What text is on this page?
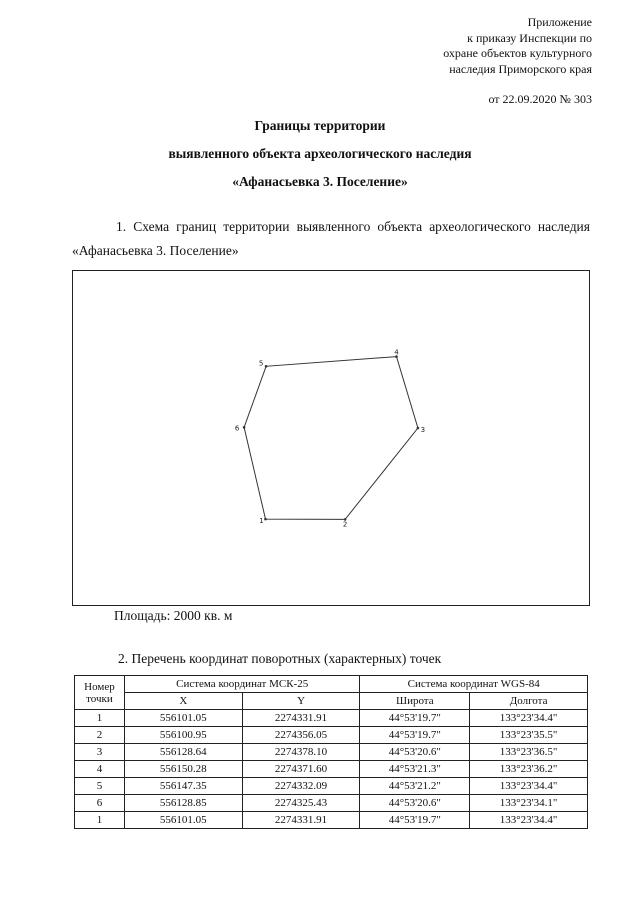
Приложение
к приказу Инспекции по
охране объектов культурного
наследия Приморского края
от 22.09.2020 № 303
Границы территории
выявленного объекта археологического наследия
«Афанасьевка 3. Поселение»
1. Схема границ территории выявленного объекта археологического наследия «Афанасьевка 3. Поселение»
1	2
3
4
5
6
Площадь: 2000 кв. м
2. Перечень координат поворотных (характерных) точек
Номер точки	Система координат МСК-25		Система координат WGS-84	
	X	Y	Широта	Долгота
1	556101.05	2274331.91	44°53'19.7"	133°23'34.4"
2	556100.95	2274356.05	44°53'19.7"	133°23'35.5"
3	556128.64	2274378.10	44°53'20.6"	133°23'36.5"
4	556150.28	2274371.60	44°53'21.3"	133°23'36.2"
5	556147.35	2274332.09	44°53'21.2"	133°23'34.4"
6	556128.85	2274325.43	44°53'20.6"	133°23'34.1"
1	556101.05	2274331.91	44°53'19.7"	133°23'34.4"
